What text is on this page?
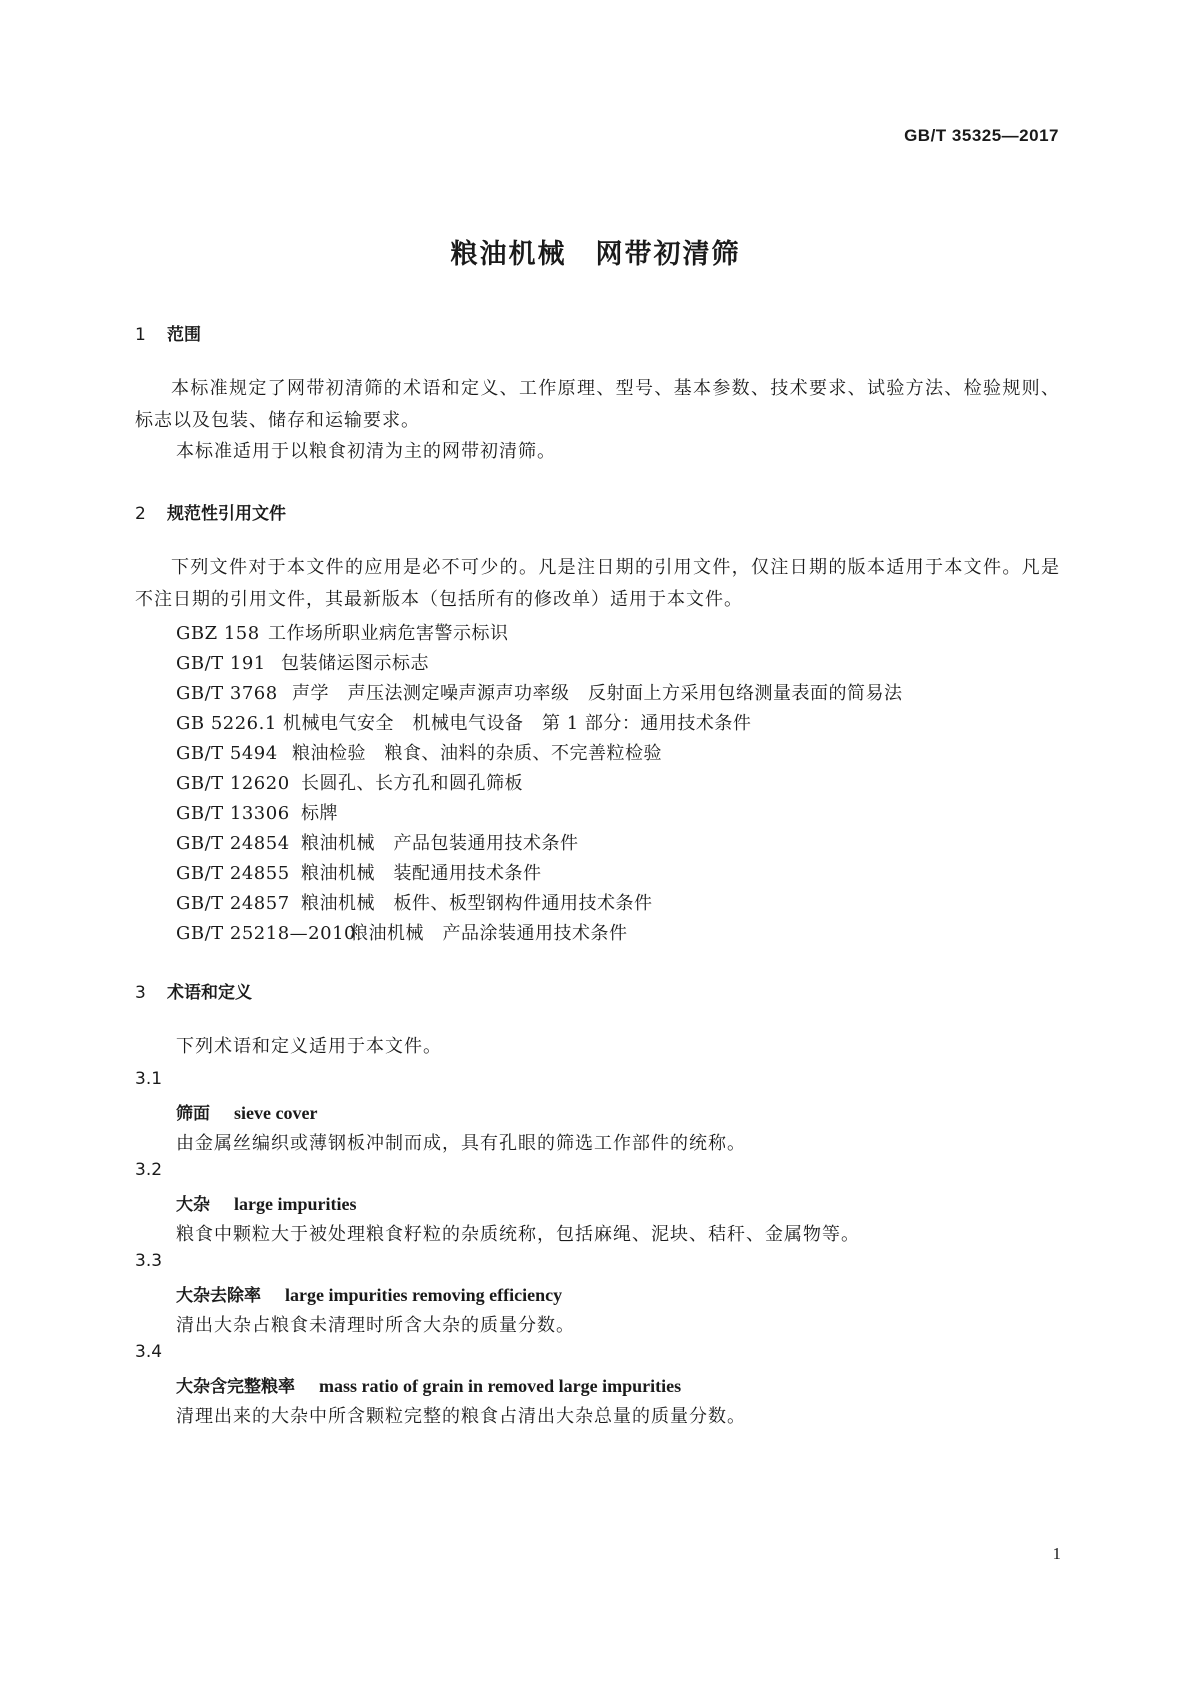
GB/T 35325—2017
粮油机械　网带初清筛
1 范围
本标准规定了网带初清筛的术语和定义、工作原理、型号、基本参数、技术要求、试验方法、检验规则、标志以及包装、储存和运输要求。
本标准适用于以粮食初清为主的网带初清筛。
2 规范性引用文件
下列文件对于本文件的应用是必不可少的。凡是注日期的引用文件，仅注日期的版本适用于本文件。凡是不注日期的引用文件，其最新版本（包括所有的修改单）适用于本文件。
GBZ 158 工作场所职业病危害警示标识
GB/T 191 包装储运图示标志
GB/T 3768 声学　声压法测定噪声源声功率级　反射面上方采用包络测量表面的简易法
GB 5226.1 机械电气安全　机械电气设备　第 1 部分：通用技术条件
GB/T 5494 粮油检验　粮食、油料的杂质、不完善粒检验
GB/T 12620 长圆孔、长方孔和圆孔筛板
GB/T 13306 标牌
GB/T 24854 粮油机械　产品包装通用技术条件
GB/T 24855 粮油机械　装配通用技术条件
GB/T 24857 粮油机械　板件、板型钢构件通用技术条件
GB/T 25218—2010粮油机械　产品涂装通用技术条件
3 术语和定义
下列术语和定义适用于本文件。
3.1
筛面 sieve cover
由金属丝编织或薄钢板冲制而成，具有孔眼的筛选工作部件的统称。
3.2
大杂 large impurities
粮食中颗粒大于被处理粮食籽粒的杂质统称，包括麻绳、泥块、秸秆、金属物等。
3.3
大杂去除率 large impurities removing efficiency
清出大杂占粮食未清理时所含大杂的质量分数。
3.4
大杂含完整粮率 mass ratio of grain in removed large impurities
清理出来的大杂中所含颗粒完整的粮食占清出大杂总量的质量分数。
1
